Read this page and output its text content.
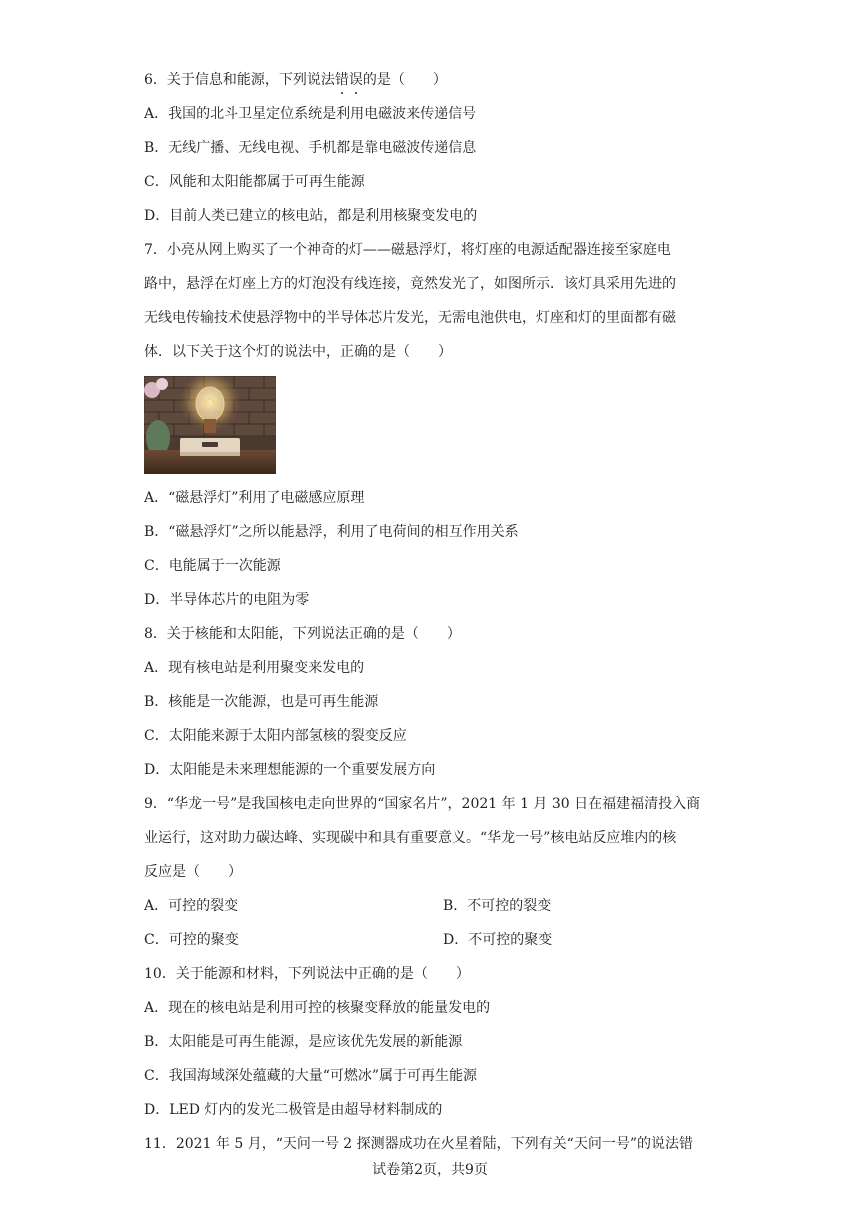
6．关于信息和能源，下列说法错误的是（　　）
A．我国的北斗卫星定位系统是利用电磁波来传递信号
B．无线广播、无线电视、手机都是靠电磁波传递信息
C．风能和太阳能都属于可再生能源
D．目前人类已建立的核电站，都是利用核聚变发电的
7．小亮从网上购买了一个神奇的灯——磁悬浮灯，将灯座的电源适配器连接至家庭电
路中，悬浮在灯座上方的灯泡没有线连接，竟然发光了，如图所示．该灯具采用先进的
无线电传输技术使悬浮物中的半导体芯片发光，无需电池供电，灯座和灯的里面都有磁
体．以下关于这个灯的说法中，正确的是（　　）
A．“磁悬浮灯”利用了电磁感应原理
B．“磁悬浮灯”之所以能悬浮，利用了电荷间的相互作用关系
C．电能属于一次能源
D．半导体芯片的电阻为零
8．关于核能和太阳能，下列说法正确的是（　　）
A．现有核电站是利用聚变来发电的
B．核能是一次能源，也是可再生能源
C．太阳能来源于太阳内部氢核的裂变反应
D．太阳能是未来理想能源的一个重要发展方向
9．“华龙一号”是我国核电走向世界的“国家名片”，2021 年 1 月 30 日在福建福清投入商
业运行，这对助力碳达峰、实现碳中和具有重要意义。“华龙一号”核电站反应堆内的核
反应是（　　）
A．可控的裂变	B．不可控的裂变
C．可控的聚变	D．不可控的聚变
10．关于能源和材料，下列说法中正确的是（　　）
A．现在的核电站是利用可控的核聚变释放的能量发电的
B．太阳能是可再生能源，是应该优先发展的新能源
C．我国海域深处蕴藏的大量“可燃冰”属于可再生能源
D．LED 灯内的发光二极管是由超导材料制成的
11．2021 年 5 月，“天问一号 2 探测器成功在火星着陆，下列有关“天问一号”的说法错
试卷第2页，共9页
